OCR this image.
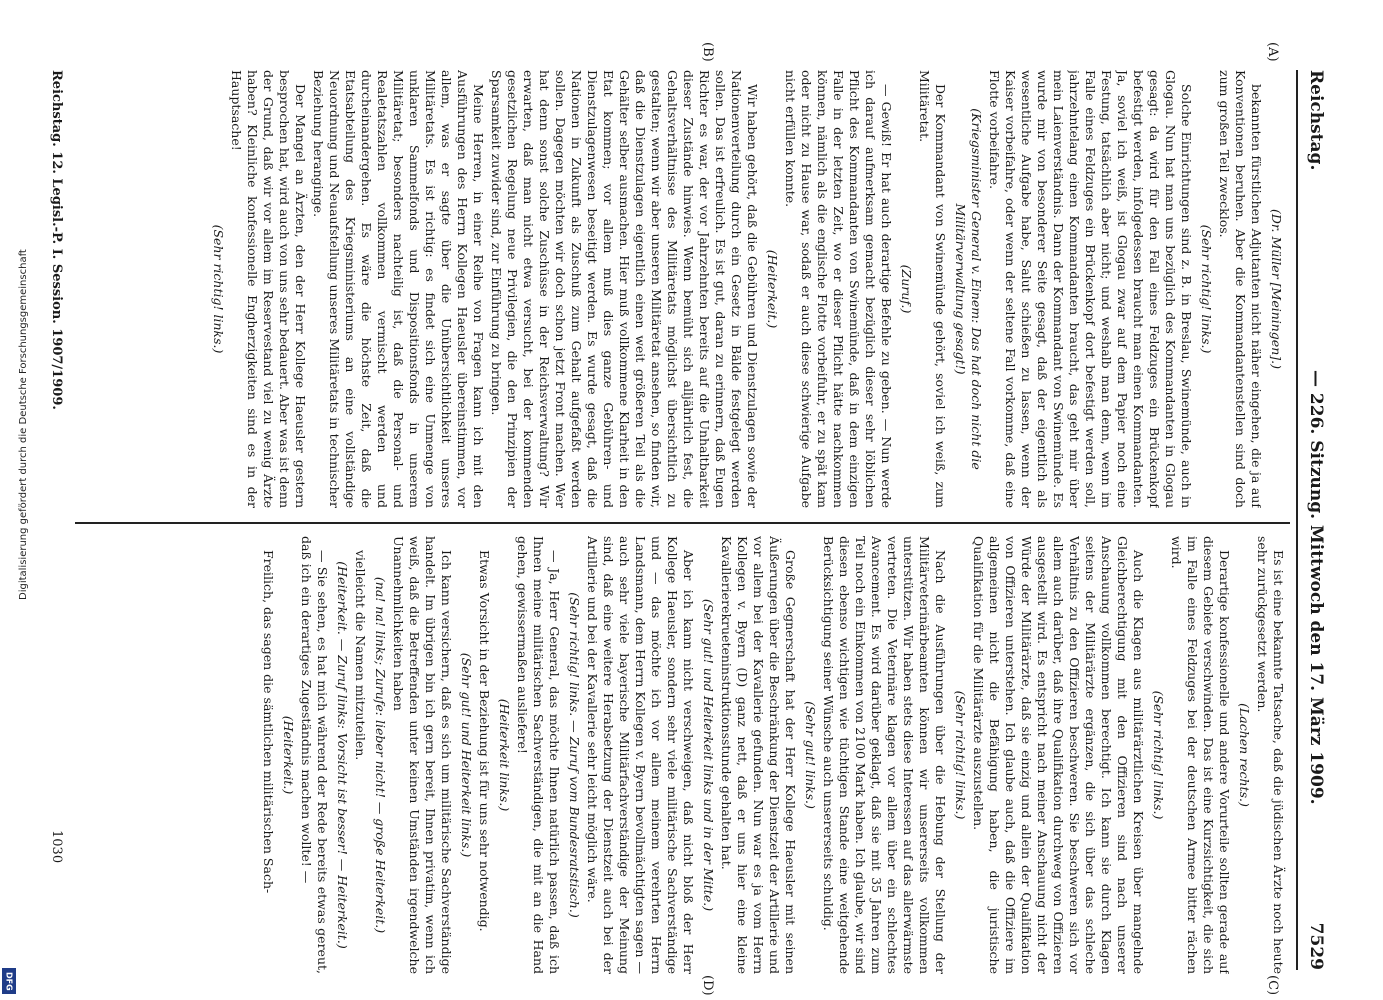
Reichstag.
— 226. Sitzung. Mittwoch den 17. März 1909.
7529

(Dr. Müller [Meiningen].)

bekannten fürstlichen Adjutanten nicht näher eingehen, die ja auf Konventionen beruhen. Aber die Kommandantenstellen sind doch zum großen Teil zwecklos.

(Sehr richtig! links.)

Solche Einrichtungen sind z. B. in Breslau, Swinemünde, auch in Glogau. Nun hat man uns bezüglich des Kommandanten in Glogau gesagt: da wird für den Fall eines Feldzuges ein Brückenkopf befestigt werden, infolgedessen braucht man einen Kommandanten. Ja, soviel ich weiß, ist Glogau zwar auf dem Papier noch eine Festung, tatsächlich aber nicht; und weshalb man denn, wenn im Falle eines Feldzuges ein Brückenkopf dort befestigt werden soll, jahrzehntelang einen Kommandanten braucht, das geht mir über mein Laienverständnis. Dann der Kommandant von Swinemünde. Es wurde mir von besonderer Seite gesagt, daß der eigentlich als wesentliche Aufgabe habe, Salut schießen zu lassen, wenn der Kaiser vorbeifahre, oder wenn der seltene Fall vorkomme, daß eine Flotte vorbeifahre.

(Kriegsminister General v. Einem: Das hat doch nicht die Militärverwaltung gesagt!)

Der Kommandant von Swinemünde gehört, soviel ich weiß, zum Militäretat.

(Zuruf.)

— Gewiß! Er hat auch derartige Befehle zu geben. — Nun werde ich darauf aufmerksam gemacht bezüglich dieser sehr löblichen Pflicht des Kommandanten von Swinemünde, daß in dem einzigen Falle in der letzten Zeit, wo er dieser Pflicht hätte nachkommen können, nämlich als die englische Flotte vorbeifuhr, er zu spät kam oder nicht zu Hause war, sodaß er auch diese schwierige Aufgabe nicht erfüllen konnte.

(Heiterkeit.)

Wir haben gehört, daß die Gebühren und Dienstzulagen sowie der Nationenverteilung durch ein Gesetz in Bälde festgelegt werden sollen. Das ist erfreulich. Es ist gut, daran zu erinnern, daß Eugen Richter es war, der vor Jahrzehnten bereits auf die Unhaltbarkeit dieser Zustände hinwies. Wenn bemüht sich alljährlich fest, die Gehaltsverhältnisse des Militäretats möglichst übersichtlich zu gestalten; wenn wir aber unseren Militäretat ansehen, so finden wir, daß die Dienstzulagen eigentlich einen weit größeren Teil als die Gehälter selber ausmachen. Hier muß vollkommene Klarheit in den Etat kommen; vor allem muß dies ganze Gebühren- und Dienstzulagenwesen beseitigt werden. Es wurde gesagt, daß die Nationen in Zukunft als Zuschuß zum Gehalt aufgefaßt werden sollen. Dagegen möchten wir doch schon jetzt Front machen. Wer hat denn sonst solche Zuschüsse in der Reichsverwaltung? Wir erwarten, daß man nicht etwa versucht, bei der kommenden gesetzlichen Regelung neue Privilegien, die den Prinzipien der Sparsamkeit zuwider sind, zur Einführung zu bringen.

Meine Herren, in einer Reihe von Fragen kann ich mit den Ausführungen des Herrn Kollegen Haeusler übereinstimmen, vor allem, was er sagte über die Unübersichtlichkeit unseres Militäretats. Es ist richtig: es findet sich eine Unmenge von unklaren Sammelfonds und Dispositionsfonds in unserem Militäretat; besonders nachteilig ist, daß die Personal- und Realetatszahlen vollkommen vermischt werden und durcheinandergehen. Es wäre die höchste Zeit, daß die Etatsabteilung des Kriegsministeriums an eine vollständige Neuordnung und Neuaufstellung unseres Militäretats in technischer Beziehung heranginge.

Der Mangel an Ärzten, den der Herr Kollege Haeusler gestern besprochen hat, wird auch von uns sehr bedauert. Aber was ist denn der Grund, daß wir vor allem im Reservestand viel zu wenig Ärzte haben? Kleinliche konfessionelle Engherzigkeiten sind es in der Hauptsache!

(Sehr richtig! links.)

Es ist eine bekannte Tatsache, daß die jüdischen Ärzte noch heute sehr zurückgesetzt werden.

(Lachen rechts.)

Derartige konfessionelle und andere Vorurteile sollten gerade auf diesem Gebiete verschwinden. Das ist eine Kurzsichtigkeit, die sich im Falle eines Feldzuges bei der deutschen Armee bitter rächen wird.

(Sehr richtig! links.)

Auch die Klagen aus militärärztlichen Kreisen über mangelnde Gleichberechtigung mit den Offizieren sind nach unserer Anschauung vollkommen berechtigt. Ich kann sie durch Klagen seitens der Militärärzte ergänzen, die sich über das schleche Verhältnis zu den Offizieren beschweren. Sie beschweren sich vor allem auch darüber, daß ihre Qualifikation durchweg von Offizieren ausgestellt wird. Es entspricht nach meiner Anschauung nicht der Würde der Militärärzte, daß sie einzig und allein der Qualifikation von Offizieren unterstehen. Ich glaube auch, daß die Offiziere im allgemeinen nicht die Befähigung haben, die juristische Qualifikation für die Militärärzte auszustellen.

(Sehr richtig! links.)

Nach die Ausführungen über die Hebung der Stellung der Militärveterinärbeamten können wir unsererseits vollkommen unterstützen. Wir haben stets diese Interessen auf das allerwärmste vertreten. Die Veterinäre klagen vor allem über ein schlechtes Avancement. Es wird darüber geklagt, daß sie mit 35 Jahren zum Teil noch ein Einkommen von 2100 Mark haben. Ich glaube, wir sind diesen ebenso wichtigen wie tüchtigen Stande eine weitgehende Berücksichtigung seiner Wünsche auch unsererseits schuldig.

(Sehr gut! links.)

Große Gegnerschaft hat der Herr Kollege Haeusler mit seinen Äußerungen über die Beschränkung der Dienstzeit der Artillerie und vor allem bei der Kavallerie gefunden. Nun war es ja vom Herrn Kollegen v. Byern (D) ganz nett, daß er uns hier eine kleine Kavallerierekrueteninstruktionsstunde gehalten hat.

(Sehr gut! und Heiterkeit links und in der Mitte.)

Aber ich kann nicht verschweigen, daß nicht bloß der Herr Kollege Haeusler, sondern sehr viele militärische Sachverständige und — das möchte ich vor allem meinem verehrten Herrn Landsmann, dem Herrn Kollegen v. Byern bevollmächtigten sagen — auch sehr viele bayerische Militärfachverständige der Meinung sind, daß eine weitere Herabsetzung der Dienstzeit auch bei der Artillerie und bei der Kavallerie sehr leicht möglich wäre.

(Sehr richtig! links. — Zuruf vom Bundesratstisch.)

— Ja, Herr General, das möchte Ihnen natürlich passen, daß ich Ihnen meine militärischen Sachverständigen, die mit an die Hand gehen, gewissermaßen ausliefere!

(Heiterkeit links.)

Etwas Vorsicht in der Beziehung ist für uns sehr notwendig.

(Sehr gut! und Heiterkeit links.)

Ich kann versichern, daß es sich um militärische Sachverständige handelt. Im übrigen bin ich gern bereit, Ihnen privatim, wenn ich weiß, daß die Betreffenden unter keinen Umständen irgendwelche Unannehmlichkeiten haben

(na! na! links; Zurufe: lieber nicht! — große Heiterkeit.)

vielleicht die Namen mitzuteilen.

(Heiterkeit. — Zuruf links: Vorsicht ist besser! — Heiterkeit.)

— Sie sehen, es hat mich während der Rede bereits etwas gereut, daß ich ein derartiges Zugeständnis machen wollte! —

(Heiterkeit.)

Freilich, das sagen die sämtlichen militärischen Sach-

(A)
(B)
(C)
(D)
Reichstag. 12. Legisl.-P. I. Session. 1907/1909.
1030
Digitalisierung gefördert durch die Deutsche Forschungsgemeinschaft
DFG
